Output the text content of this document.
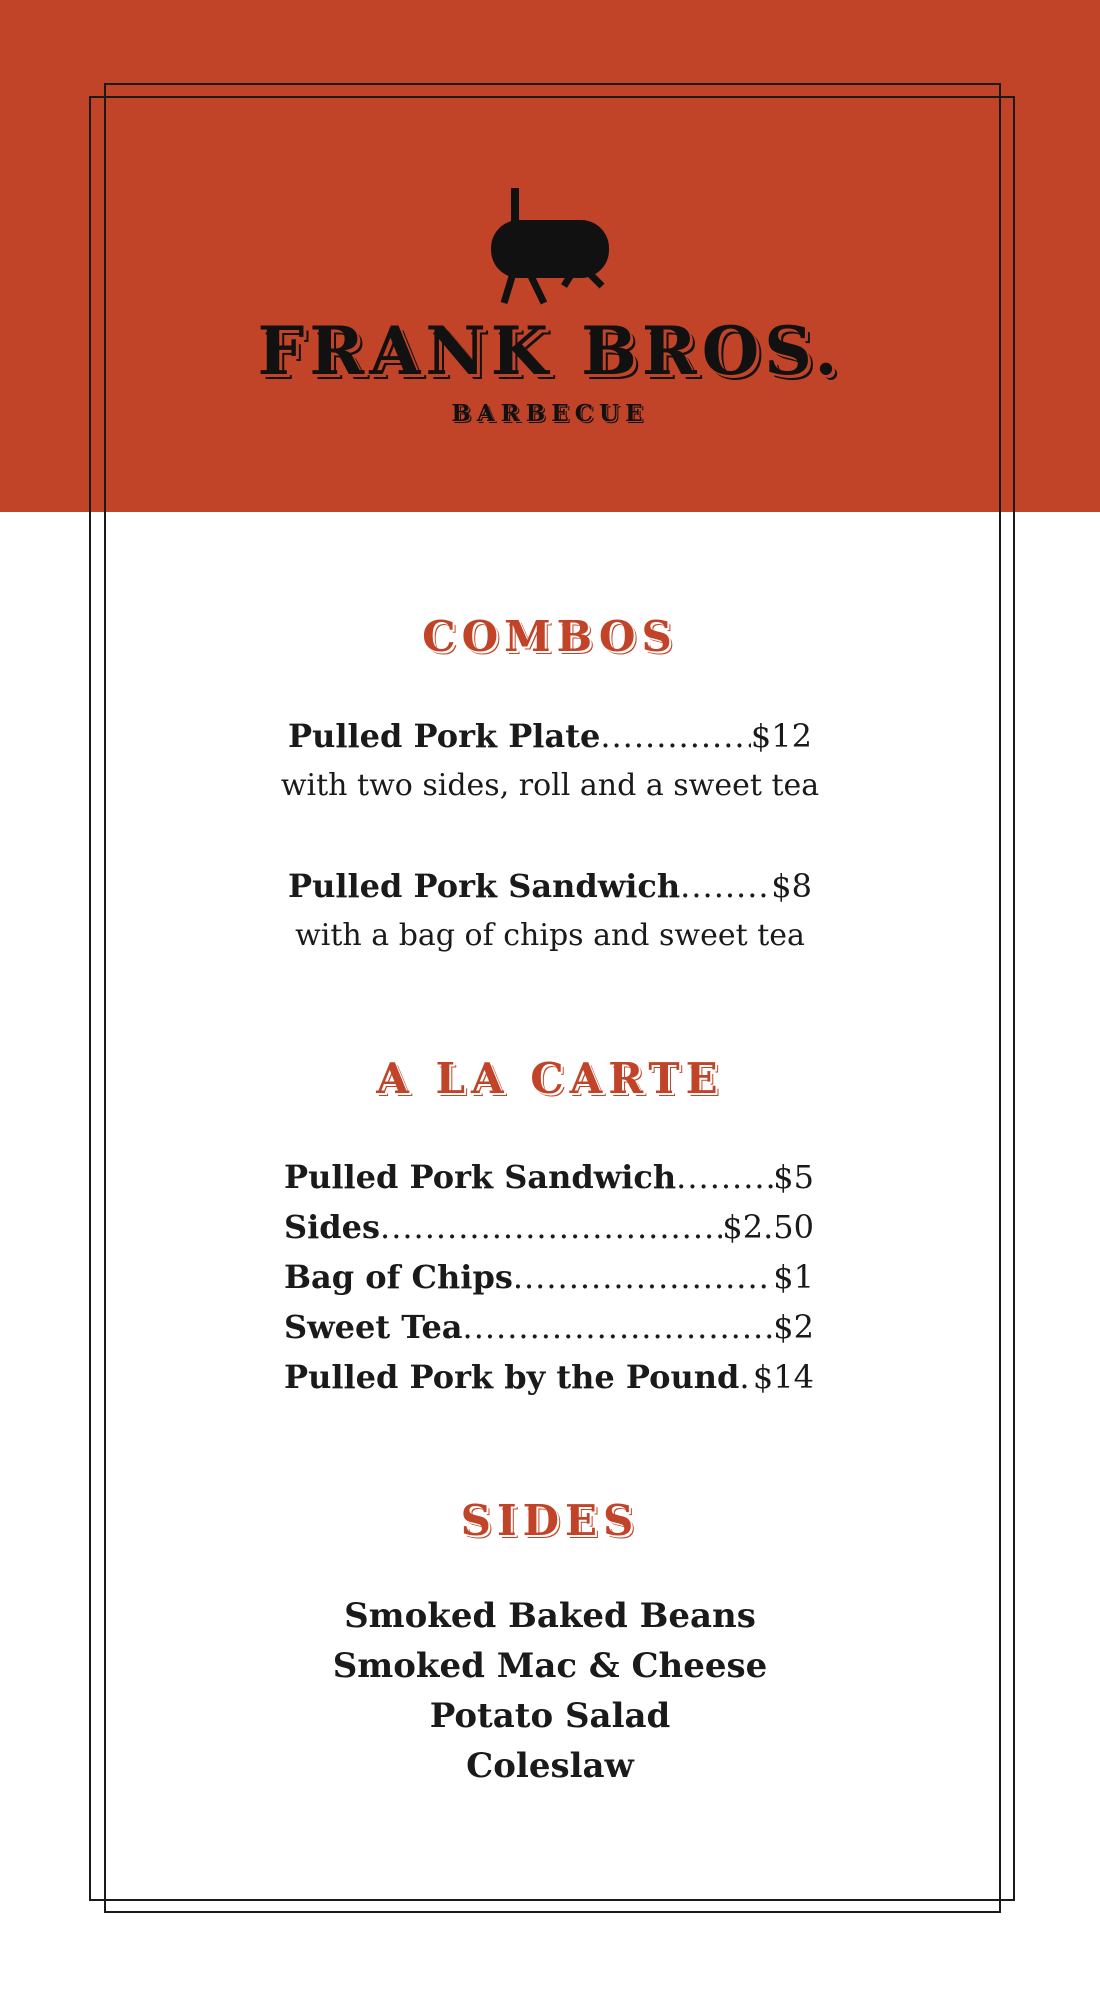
FRANK BROS.
BARBECUE
COMBOS
Pulled Pork Plate .....	$12
with two sides, roll and a sweet tea
Pulled Pork Sandwich .....	$8
with a bag of chips and sweet tea
A LA CARTE
Pulled Pork Sandwich .....	$5
Sides .....	$2.50
Bag of Chips .....	$1
Sweet Tea .....	$2
Pulled Pork by the Pound ..... $14
SIDES
Smoked Baked Beans
Smoked Mac & Cheese
Potato Salad
Coleslaw
